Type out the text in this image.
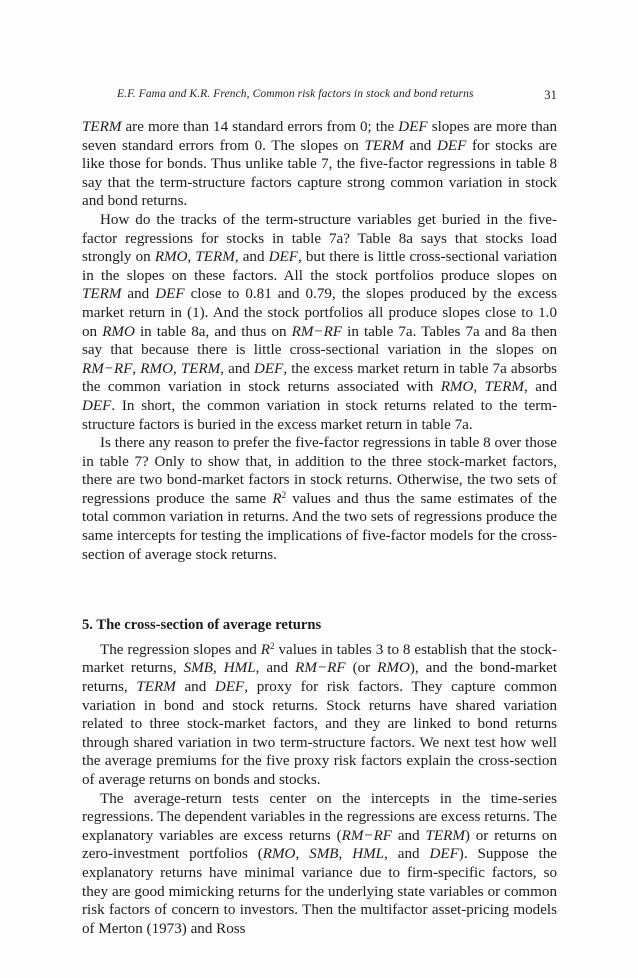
E.F. Fama and K.R. French, Common risk factors in stock and bond returns	31

TERM are more than 14 standard errors from 0; the DEF slopes are more than seven standard errors from 0. The slopes on TERM and DEF for stocks are like those for bonds. Thus unlike table 7, the five-factor regressions in table 8 say that the term-structure factors capture strong common variation in stock and bond returns.

How do the tracks of the term-structure variables get buried in the five-factor regressions for stocks in table 7a? Table 8a says that stocks load strongly on RMO, TERM, and DEF, but there is little cross-sectional variation in the slopes on these factors. All the stock portfolios produce slopes on TERM and DEF close to 0.81 and 0.79, the slopes produced by the excess market return in (1). And the stock portfolios all produce slopes close to 1.0 on RMO in table 8a, and thus on RM−RF in table 7a. Tables 7a and 8a then say that because there is little cross-sectional variation in the slopes on RM−RF, RMO, TERM, and DEF, the excess market return in table 7a absorbs the common variation in stock returns associated with RMO, TERM, and DEF. In short, the common variation in stock returns related to the term-structure factors is buried in the excess market return in table 7a.

Is there any reason to prefer the five-factor regressions in table 8 over those in table 7? Only to show that, in addition to the three stock-market factors, there are two bond-market factors in stock returns. Otherwise, the two sets of regressions produce the same $R^2$ values and thus the same estimates of the total common variation in returns. And the two sets of regressions produce the same intercepts for testing the implications of five-factor models for the cross-section of average stock returns.

5. The cross-section of average returns

The regression slopes and $R^2$ values in tables 3 to 8 establish that the stock-market returns, SMB, HML, and RM−RF (or RMO), and the bond-market returns, TERM and DEF, proxy for risk factors. They capture common variation in bond and stock returns. Stock returns have shared variation related to three stock-market factors, and they are linked to bond returns through shared variation in two term-structure factors. We next test how well the average premiums for the five proxy risk factors explain the cross-section of average returns on bonds and stocks.

The average-return tests center on the intercepts in the time-series regressions. The dependent variables in the regressions are excess returns. The explanatory variables are excess returns (RM−RF and TERM) or returns on zero-investment portfolios (RMO, SMB, HML, and DEF). Suppose the explanatory returns have minimal variance due to firm-specific factors, so they are good mimicking returns for the underlying state variables or common risk factors of concern to investors. Then the multifactor asset-pricing models of Merton (1973) and Ross
